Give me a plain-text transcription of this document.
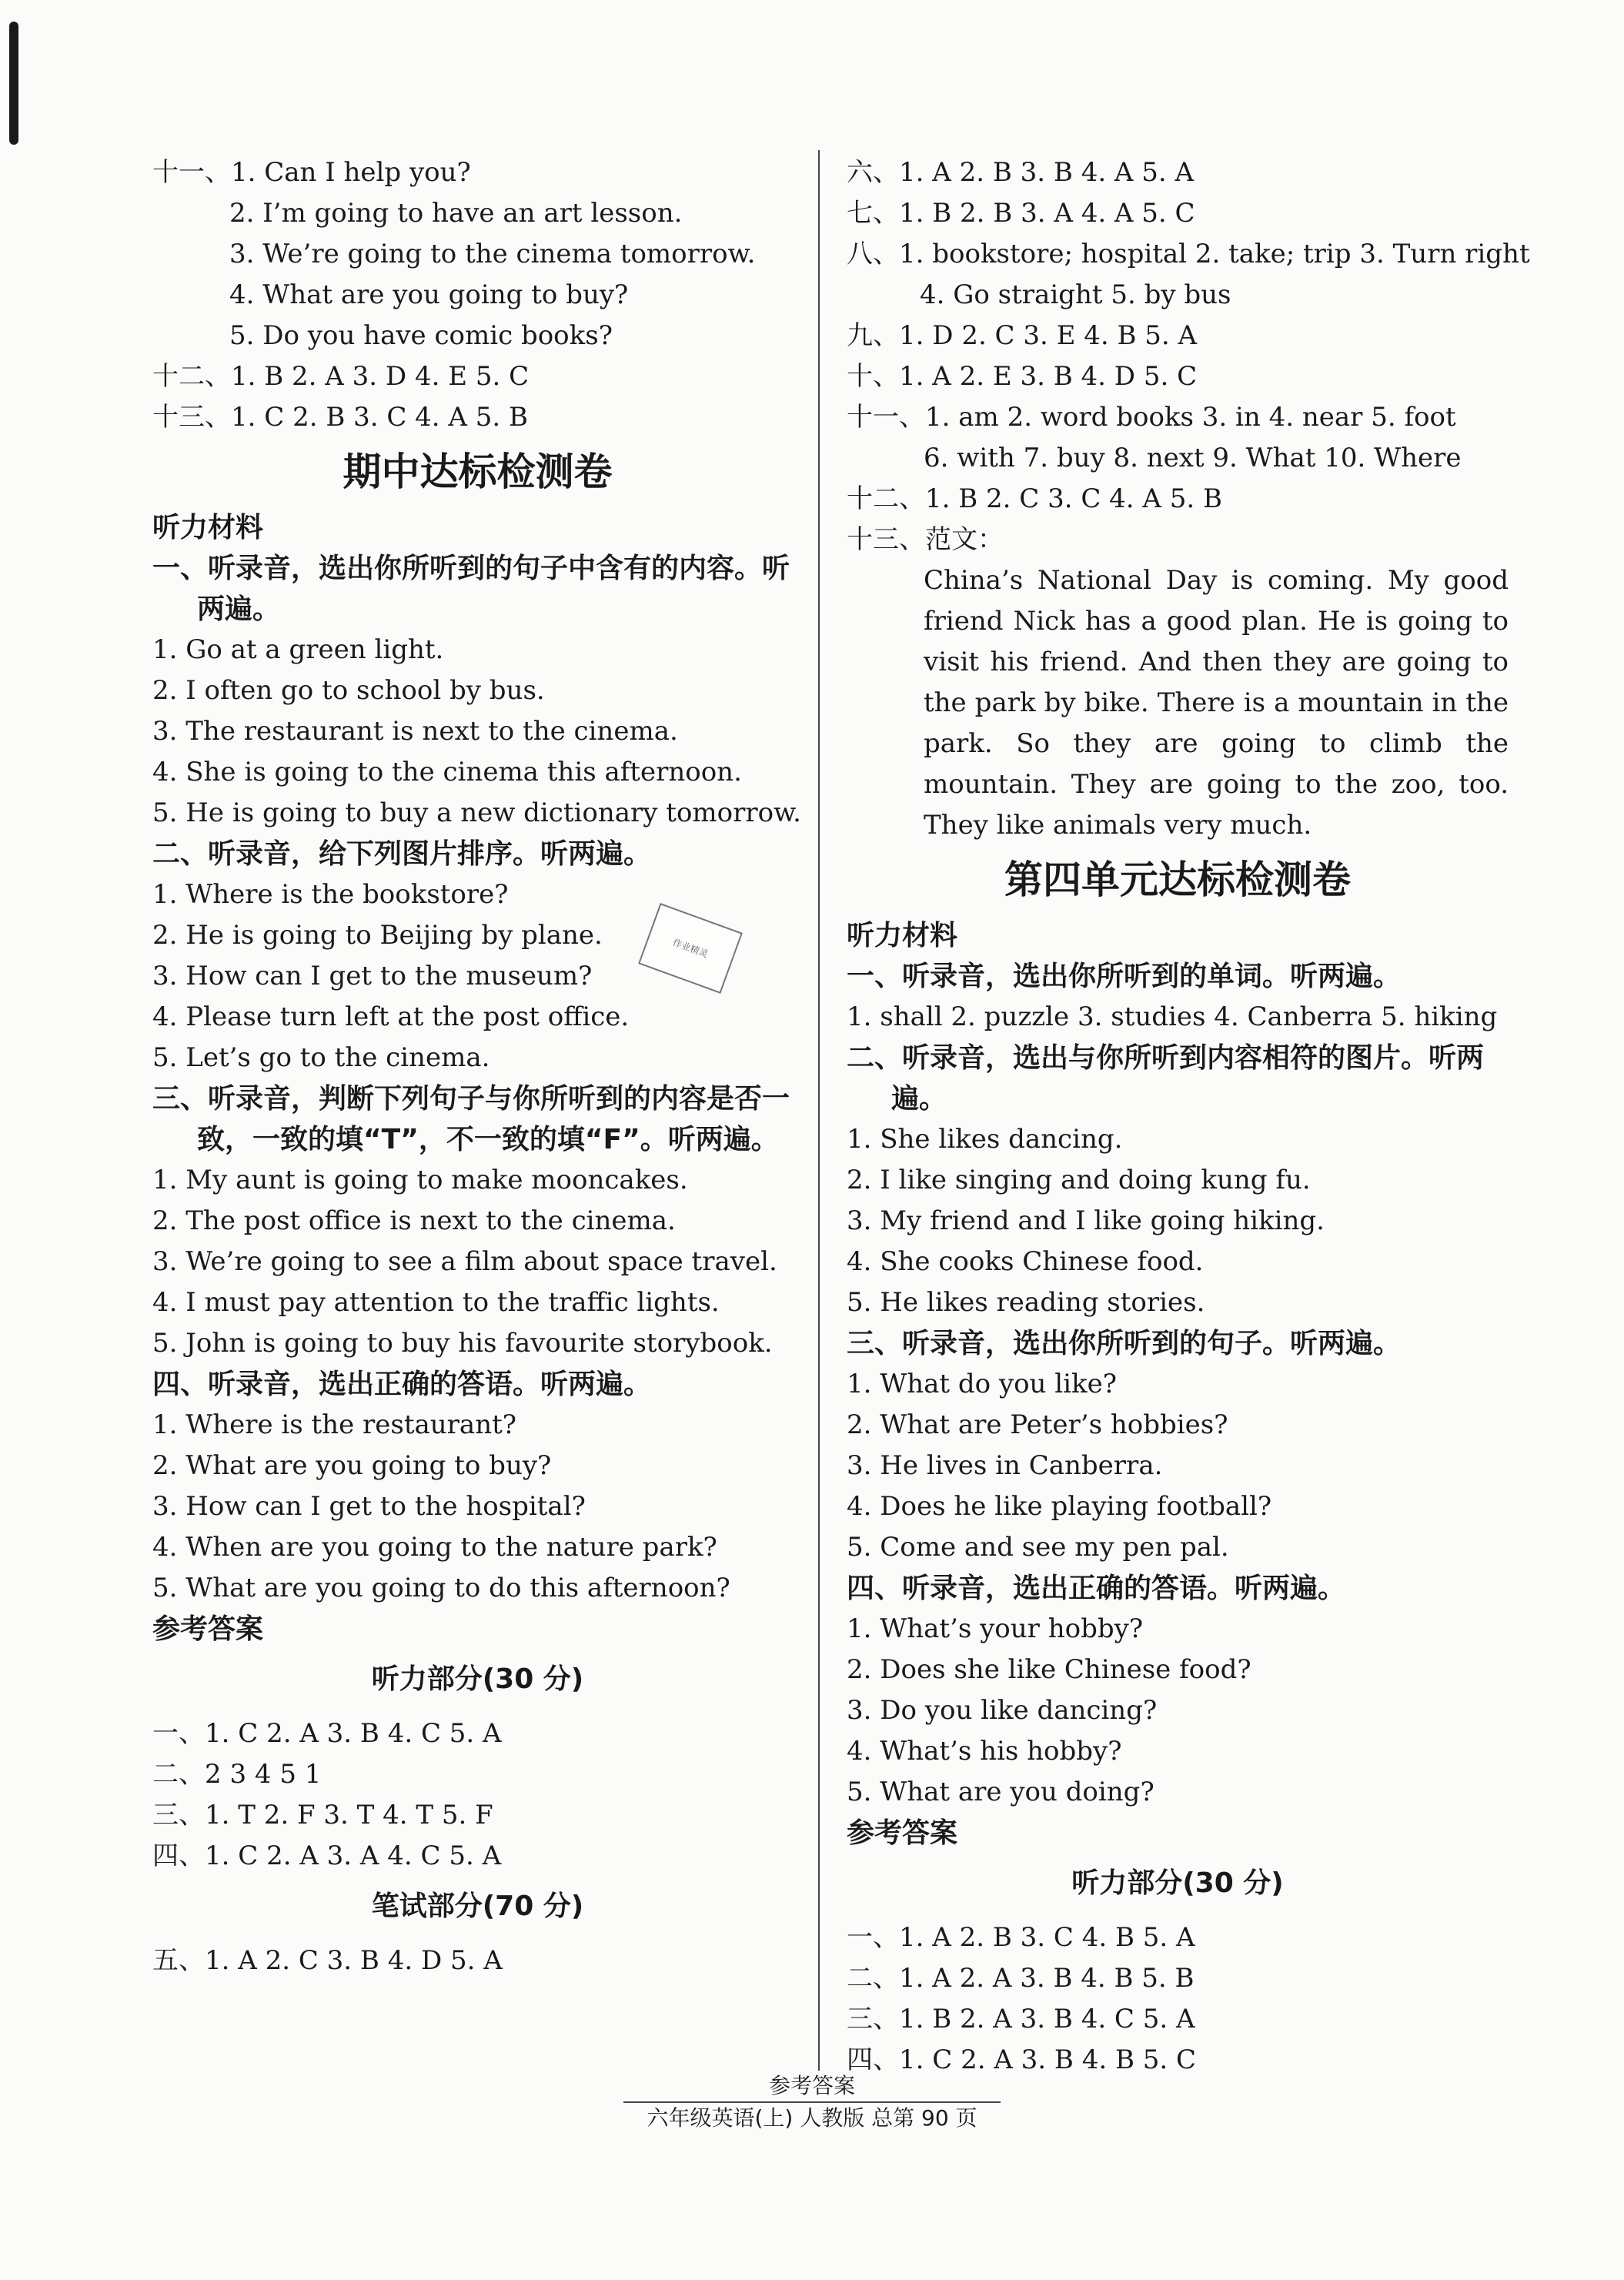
十一、1. Can I help you?
2. I’m going to have an art lesson.
3. We’re going to the cinema tomorrow.
4. What are you going to buy?
5. Do you have comic books?
十二、1. B 2. A 3. D 4. E 5. C
十三、1. C 2. B 3. C 4. A 5. B
期中达标检测卷
听力材料
一、听录音，选出你所听到的句子中含有的内容。听两遍。
1. Go at a green light.
2. I often go to school by bus.
3. The restaurant is next to the cinema.
4. She is going to the cinema this afternoon.
5. He is going to buy a new dictionary tomorrow.
二、听录音，给下列图片排序。听两遍。
1. Where is the bookstore?
2. He is going to Beijing by plane.
3. How can I get to the museum?
4. Please turn left at the post office.
5. Let’s go to the cinema.
三、听录音，判断下列句子与你所听到的内容是否一致，一致的填“T”，不一致的填“F”。听两遍。
1. My aunt is going to make mooncakes.
2. The post office is next to the cinema.
3. We’re going to see a film about space travel.
4. I must pay attention to the traffic lights.
5. John is going to buy his favourite storybook.
四、听录音，选出正确的答语。听两遍。
1. Where is the restaurant?
2. What are you going to buy?
3. How can I get to the hospital?
4. When are you going to the nature park?
5. What are you going to do this afternoon?
参考答案
听力部分(30 分)
一、1. C 2. A 3. B 4. C 5. A
二、2 3 4 5 1
三、1. T 2. F 3. T 4. T 5. F
四、1. C 2. A 3. A 4. C 5. A
笔试部分(70 分)
五、1. A 2. C 3. B 4. D 5. A
六、1. A 2. B 3. B 4. A 5. A
七、1. B 2. B 3. A 4. A 5. C
八、1. bookstore; hospital 2. take; trip 3. Turn right
4. Go straight 5. by bus
九、1. D 2. C 3. E 4. B 5. A
十、1. A 2. E 3. B 4. D 5. C
十一、1. am 2. word books 3. in 4. near 5. foot
6. with 7. buy 8. next 9. What 10. Where
十二、1. B 2. C 3. C 4. A 5. B
十三、范文：
China’s National Day is coming. My good friend Nick has a good plan. He is going to visit his friend. And then they are going to the park by bike. There is a mountain in the park. So they are going to climb the mountain. They are going to the zoo, too. They like animals very much.
第四单元达标检测卷
听力材料
一、听录音，选出你所听到的单词。听两遍。
1. shall 2. puzzle 3. studies 4. Canberra 5. hiking
二、听录音，选出与你所听到内容相符的图片。听两遍。
1. She likes dancing.
2. I like singing and doing kung fu.
3. My friend and I like going hiking.
4. She cooks Chinese food.
5. He likes reading stories.
三、听录音，选出你所听到的句子。听两遍。
1. What do you like?
2. What are Peter’s hobbies?
3. He lives in Canberra.
4. Does he like playing football?
5. Come and see my pen pal.
四、听录音，选出正确的答语。听两遍。
1. What’s your hobby?
2. Does she like Chinese food?
3. Do you like dancing?
4. What’s his hobby?
5. What are you doing?
参考答案
听力部分(30 分)
一、1. A 2. B 3. C 4. B 5. A
二、1. A 2. A 3. B 4. B 5. B
三、1. B 2. A 3. B 4. C 5. A
四、1. C 2. A 3. B 4. B 5. C
作业精灵
参考答案
六年级英语(上) 人教版 总第 90 页
